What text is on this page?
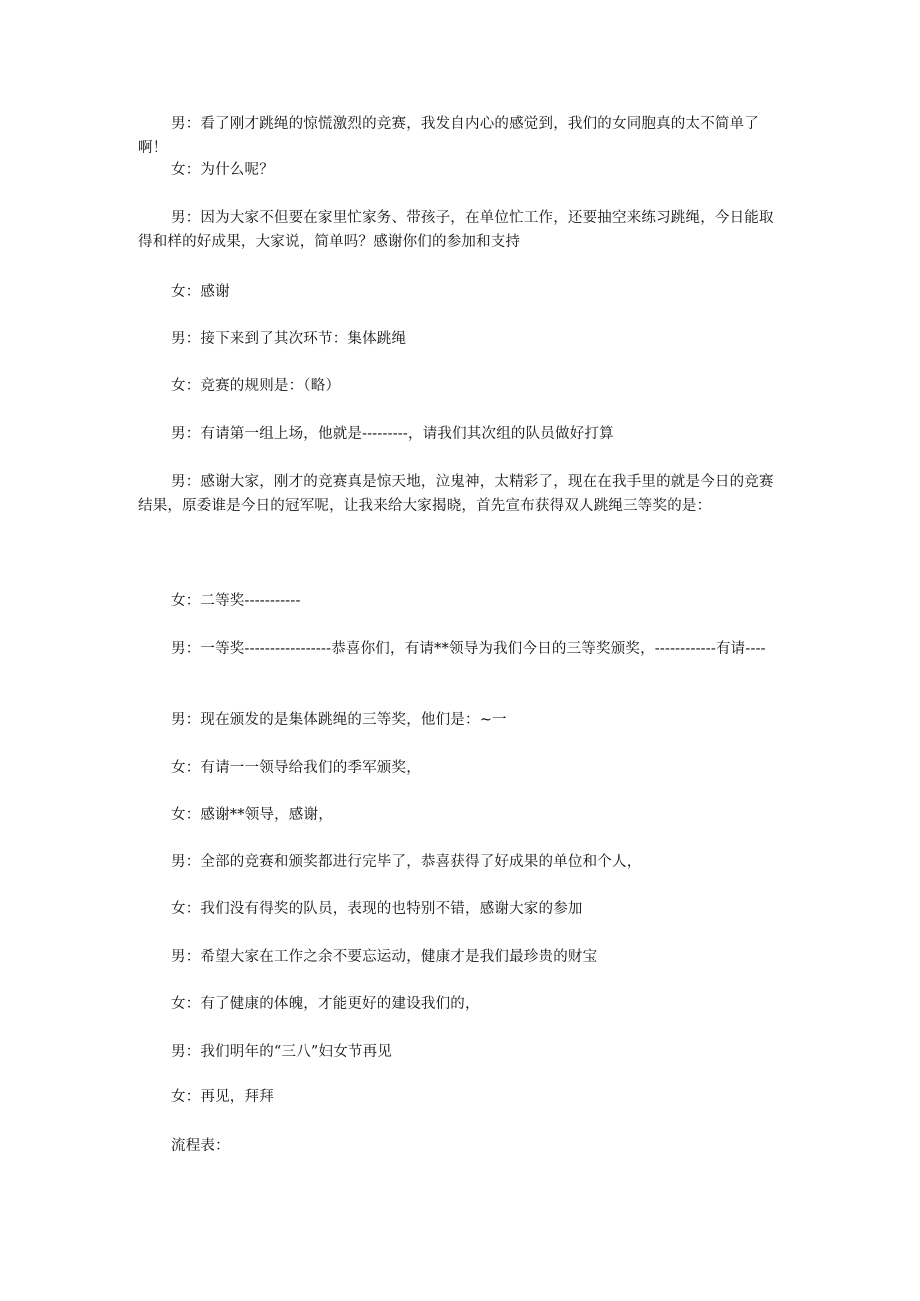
男：看了刚才跳绳的惊慌激烈的竞赛，我发自内心的感觉到，我们的女同胞真的太不简单了啊！

女：为什么呢？

男：因为大家不但要在家里忙家务、带孩子，在单位忙工作，还要抽空来练习跳绳，今日能取得和样的好成果，大家说，简单吗？感谢你们的参加和支持

女：感谢

男：接下来到了其次环节：集体跳绳

女：竞赛的规则是：（略）

男：有请第一组上场，他就是---------，请我们其次组的队员做好打算

男：感谢大家，刚才的竞赛真是惊天地，泣鬼神，太精彩了，现在在我手里的就是今日的竞赛结果，原委谁是今日的冠军呢，让我来给大家揭晓，首先宣布获得双人跳绳三等奖的是：

女：二等奖-----------

男：一等奖-----------------恭喜你们，有请**领导为我们今日的三等奖颁奖，------------有请----

男：现在颁发的是集体跳绳的三等奖，他们是：~一

女：有请一一领导给我们的季军颁奖，

女：感谢**领导，感谢，

男：全部的竞赛和颁奖都进行完毕了，恭喜获得了好成果的单位和个人，

女：我们没有得奖的队员，表现的也特别不错，感谢大家的参加

男：希望大家在工作之余不要忘运动，健康才是我们最珍贵的财宝

女：有了健康的体魄，才能更好的建设我们的，

男：我们明年的“三八”妇女节再见

女：再见，拜拜

流程表：
